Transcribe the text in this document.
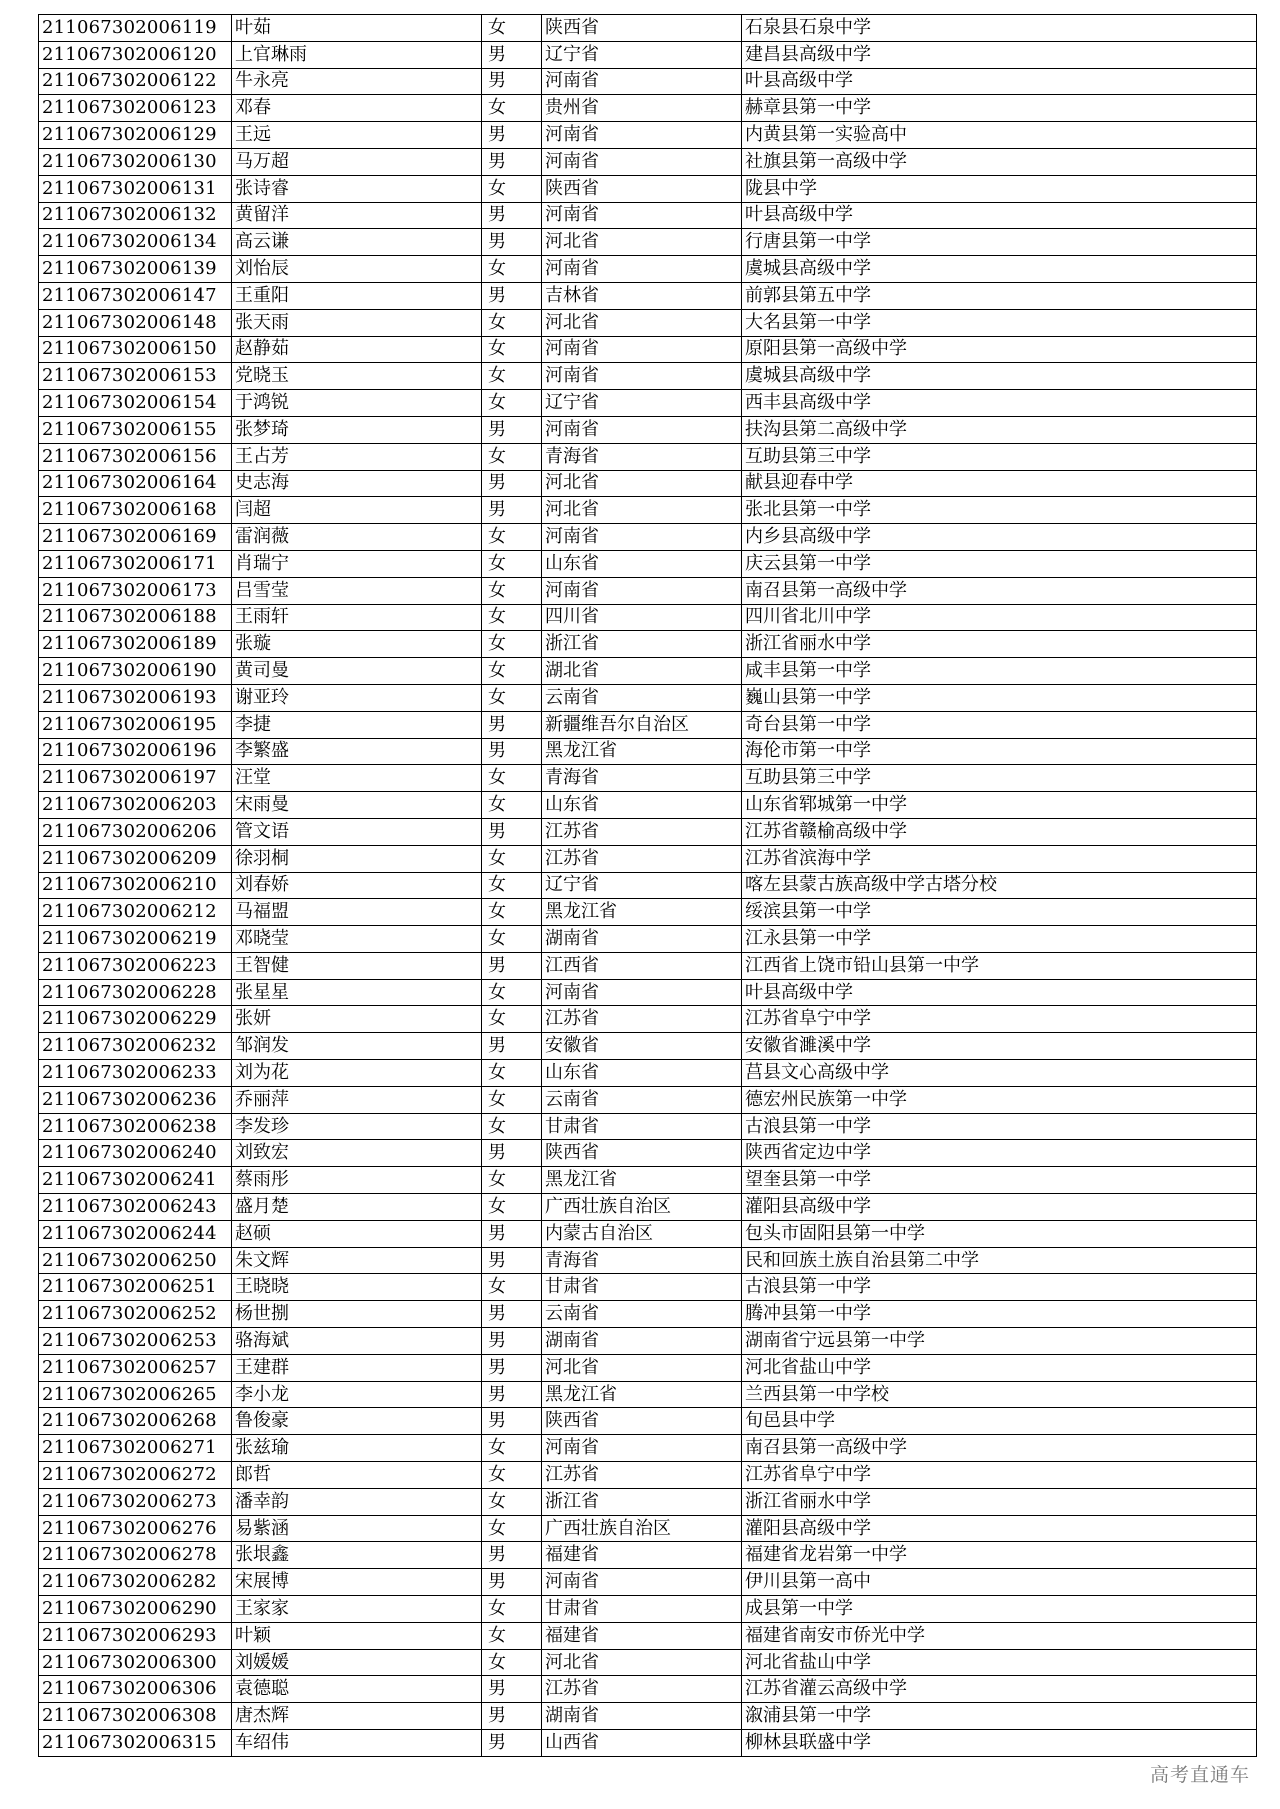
211067302006119	叶茹	女	陕西省	石泉县石泉中学
211067302006120	上官琳雨	男	辽宁省	建昌县高级中学
211067302006122	牛永亮	男	河南省	叶县高级中学
211067302006123	邓春	女	贵州省	赫章县第一中学
211067302006129	王远	男	河南省	内黄县第一实验高中
211067302006130	马万超	男	河南省	社旗县第一高级中学
211067302006131	张诗睿	女	陕西省	陇县中学
211067302006132	黄留洋	男	河南省	叶县高级中学
211067302006134	高云谦	男	河北省	行唐县第一中学
211067302006139	刘怡辰	女	河南省	虞城县高级中学
211067302006147	王重阳	男	吉林省	前郭县第五中学
211067302006148	张天雨	女	河北省	大名县第一中学
211067302006150	赵静茹	女	河南省	原阳县第一高级中学
211067302006153	党晓玉	女	河南省	虞城县高级中学
211067302006154	于鸿锐	女	辽宁省	西丰县高级中学
211067302006155	张梦琦	男	河南省	扶沟县第二高级中学
211067302006156	王占芳	女	青海省	互助县第三中学
211067302006164	史志海	男	河北省	献县迎春中学
211067302006168	闫超	男	河北省	张北县第一中学
211067302006169	雷润薇	女	河南省	内乡县高级中学
211067302006171	肖瑞宁	女	山东省	庆云县第一中学
211067302006173	吕雪莹	女	河南省	南召县第一高级中学
211067302006188	王雨轩	女	四川省	四川省北川中学
211067302006189	张璇	女	浙江省	浙江省丽水中学
211067302006190	黄司曼	女	湖北省	咸丰县第一中学
211067302006193	谢亚玲	女	云南省	巍山县第一中学
211067302006195	李捷	男	新疆维吾尔自治区	奇台县第一中学
211067302006196	李繁盛	男	黑龙江省	海伦市第一中学
211067302006197	汪堂	女	青海省	互助县第三中学
211067302006203	宋雨曼	女	山东省	山东省郓城第一中学
211067302006206	管文语	男	江苏省	江苏省赣榆高级中学
211067302006209	徐羽桐	女	江苏省	江苏省滨海中学
211067302006210	刘春娇	女	辽宁省	喀左县蒙古族高级中学古塔分校
211067302006212	马福盟	女	黑龙江省	绥滨县第一中学
211067302006219	邓晓莹	女	湖南省	江永县第一中学
211067302006223	王智健	男	江西省	江西省上饶市铅山县第一中学
211067302006228	张星星	女	河南省	叶县高级中学
211067302006229	张妍	女	江苏省	江苏省阜宁中学
211067302006232	邹润发	男	安徽省	安徽省濉溪中学
211067302006233	刘为花	女	山东省	莒县文心高级中学
211067302006236	乔丽萍	女	云南省	德宏州民族第一中学
211067302006238	李发珍	女	甘肃省	古浪县第一中学
211067302006240	刘致宏	男	陕西省	陕西省定边中学
211067302006241	蔡雨彤	女	黑龙江省	望奎县第一中学
211067302006243	盛月楚	女	广西壮族自治区	灌阳县高级中学
211067302006244	赵硕	男	内蒙古自治区	包头市固阳县第一中学
211067302006250	朱文辉	男	青海省	民和回族土族自治县第二中学
211067302006251	王晓晓	女	甘肃省	古浪县第一中学
211067302006252	杨世捌	男	云南省	腾冲县第一中学
211067302006253	骆海斌	男	湖南省	湖南省宁远县第一中学
211067302006257	王建群	男	河北省	河北省盐山中学
211067302006265	李小龙	男	黑龙江省	兰西县第一中学校
211067302006268	鲁俊豪	男	陕西省	旬邑县中学
211067302006271	张兹瑜	女	河南省	南召县第一高级中学
211067302006272	郎哲	女	江苏省	江苏省阜宁中学
211067302006273	潘幸韵	女	浙江省	浙江省丽水中学
211067302006276	易紫涵	女	广西壮族自治区	灌阳县高级中学
211067302006278	张垠鑫	男	福建省	福建省龙岩第一中学
211067302006282	宋展博	男	河南省	伊川县第一高中
211067302006290	王家家	女	甘肃省	成县第一中学
211067302006293	叶颖	女	福建省	福建省南安市侨光中学
211067302006300	刘媛媛	女	河北省	河北省盐山中学
211067302006306	袁德聪	男	江苏省	江苏省灌云高级中学
211067302006308	唐杰辉	男	湖南省	溆浦县第一中学
211067302006315	车绍伟	男	山西省	柳林县联盛中学
高考直通车
